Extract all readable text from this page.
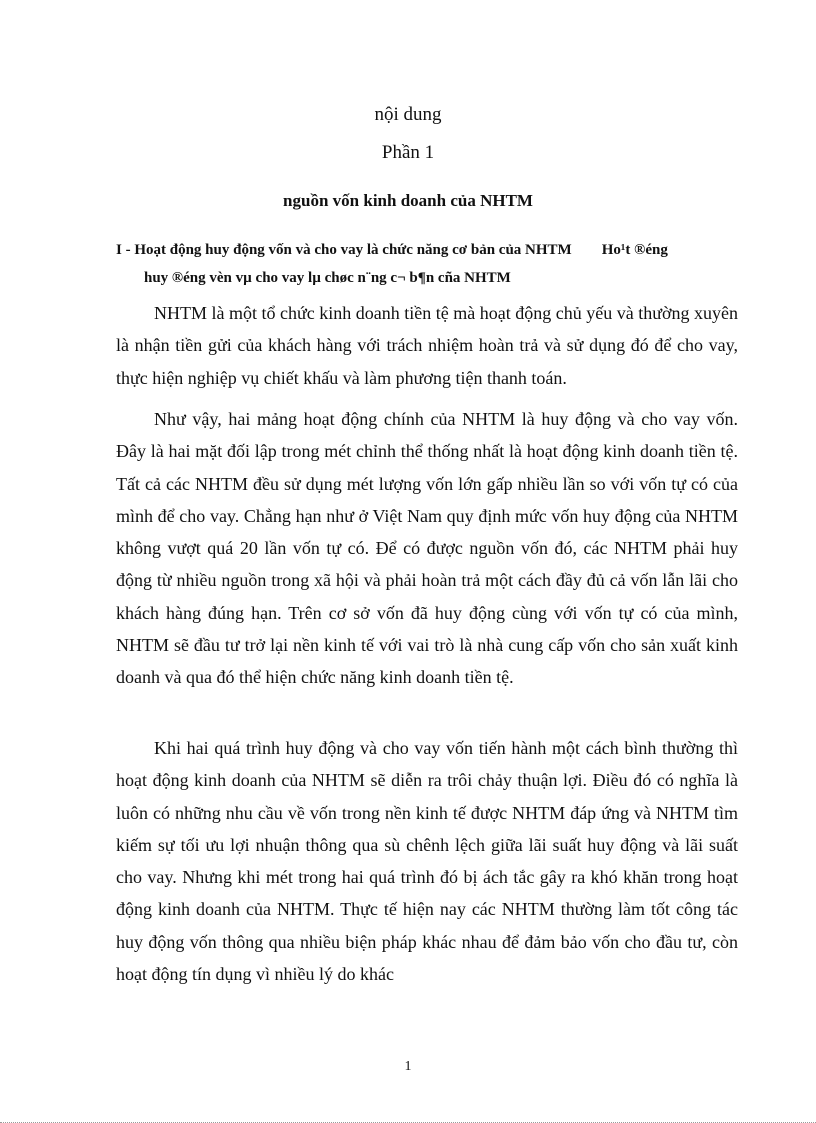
nội dung
Phần 1
nguồn vốn kinh doanh của NHTM
I - Hoạt động huy động vốn và cho vay là chức năng cơ bản của NHTM Ho¹t ®éng
huy ®éng vèn vµ cho vay lµ chøc n¨ng c¬ b¶n cña NHTM

NHTM là một tổ chức kinh doanh tiền tệ mà hoạt động chủ yếu và thường xuyên là nhận tiền gửi của khách hàng với trách nhiệm hoàn trả và sử dụng đó để cho vay, thực hiện nghiệp vụ chiết khấu và làm phương tiện thanh toán.

Như vậy, hai mảng hoạt động chính của NHTM là huy động và cho vay vốn. Đây là hai mặt đối lập trong mét chỉnh thể thống nhất là hoạt động kinh doanh tiền tệ. Tất cả các NHTM đều sử dụng mét lượng vốn lớn gấp nhiều lần so với vốn tự có của mình để cho vay. Chẳng hạn như ở Việt Nam quy định mức vốn huy động của NHTM không vượt quá 20 lần vốn tự có. Để có được nguồn vốn đó, các NHTM phải huy động từ nhiều nguồn trong xã hội và phải hoàn trả một cách đầy đủ cả vốn lẫn lãi cho khách hàng đúng hạn. Trên cơ sở vốn đã huy động cùng với vốn tự có của mình, NHTM sẽ đầu tư trở lại nền kinh tế với vai trò là nhà cung cấp vốn cho sản xuất kinh doanh và qua đó thể hiện chức năng kinh doanh tiền tệ.

Khi hai quá trình huy động và cho vay vốn tiến hành một cách bình thường thì hoạt động kinh doanh của NHTM sẽ diễn ra trôi chảy thuận lợi. Điều đó có nghĩa là luôn có những nhu cầu về vốn trong nền kinh tế được NHTM đáp ứng và NHTM tìm kiếm sự tối ưu lợi nhuận thông qua sù chênh lệch giữa lãi suất huy động và lãi suất cho vay. Nhưng khi mét trong hai quá trình đó bị ách tắc gây ra khó khăn trong hoạt động kinh doanh của NHTM. Thực tế hiện nay các NHTM thường làm tốt công tác huy động vốn thông qua nhiều biện pháp khác nhau để đảm bảo vốn cho đầu tư, còn hoạt động tín dụng vì nhiều lý do khác

1
